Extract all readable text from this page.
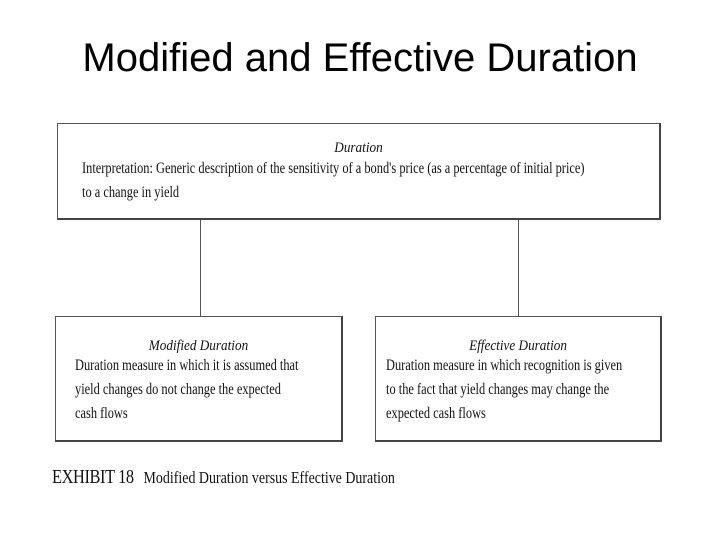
Modified and Effective Duration
Duration
Interpretation: Generic description of the sensitivity of a bond's price (as a percentage of initial price)
to a change in yield
Modified Duration
Duration measure in which it is assumed that
yield changes do not change the expected
cash flows
Effective Duration
Duration measure in which recognition is given
to the fact that yield changes may change the
expected cash flows
EXHIBIT 18 Modified Duration versus Effective Duration
